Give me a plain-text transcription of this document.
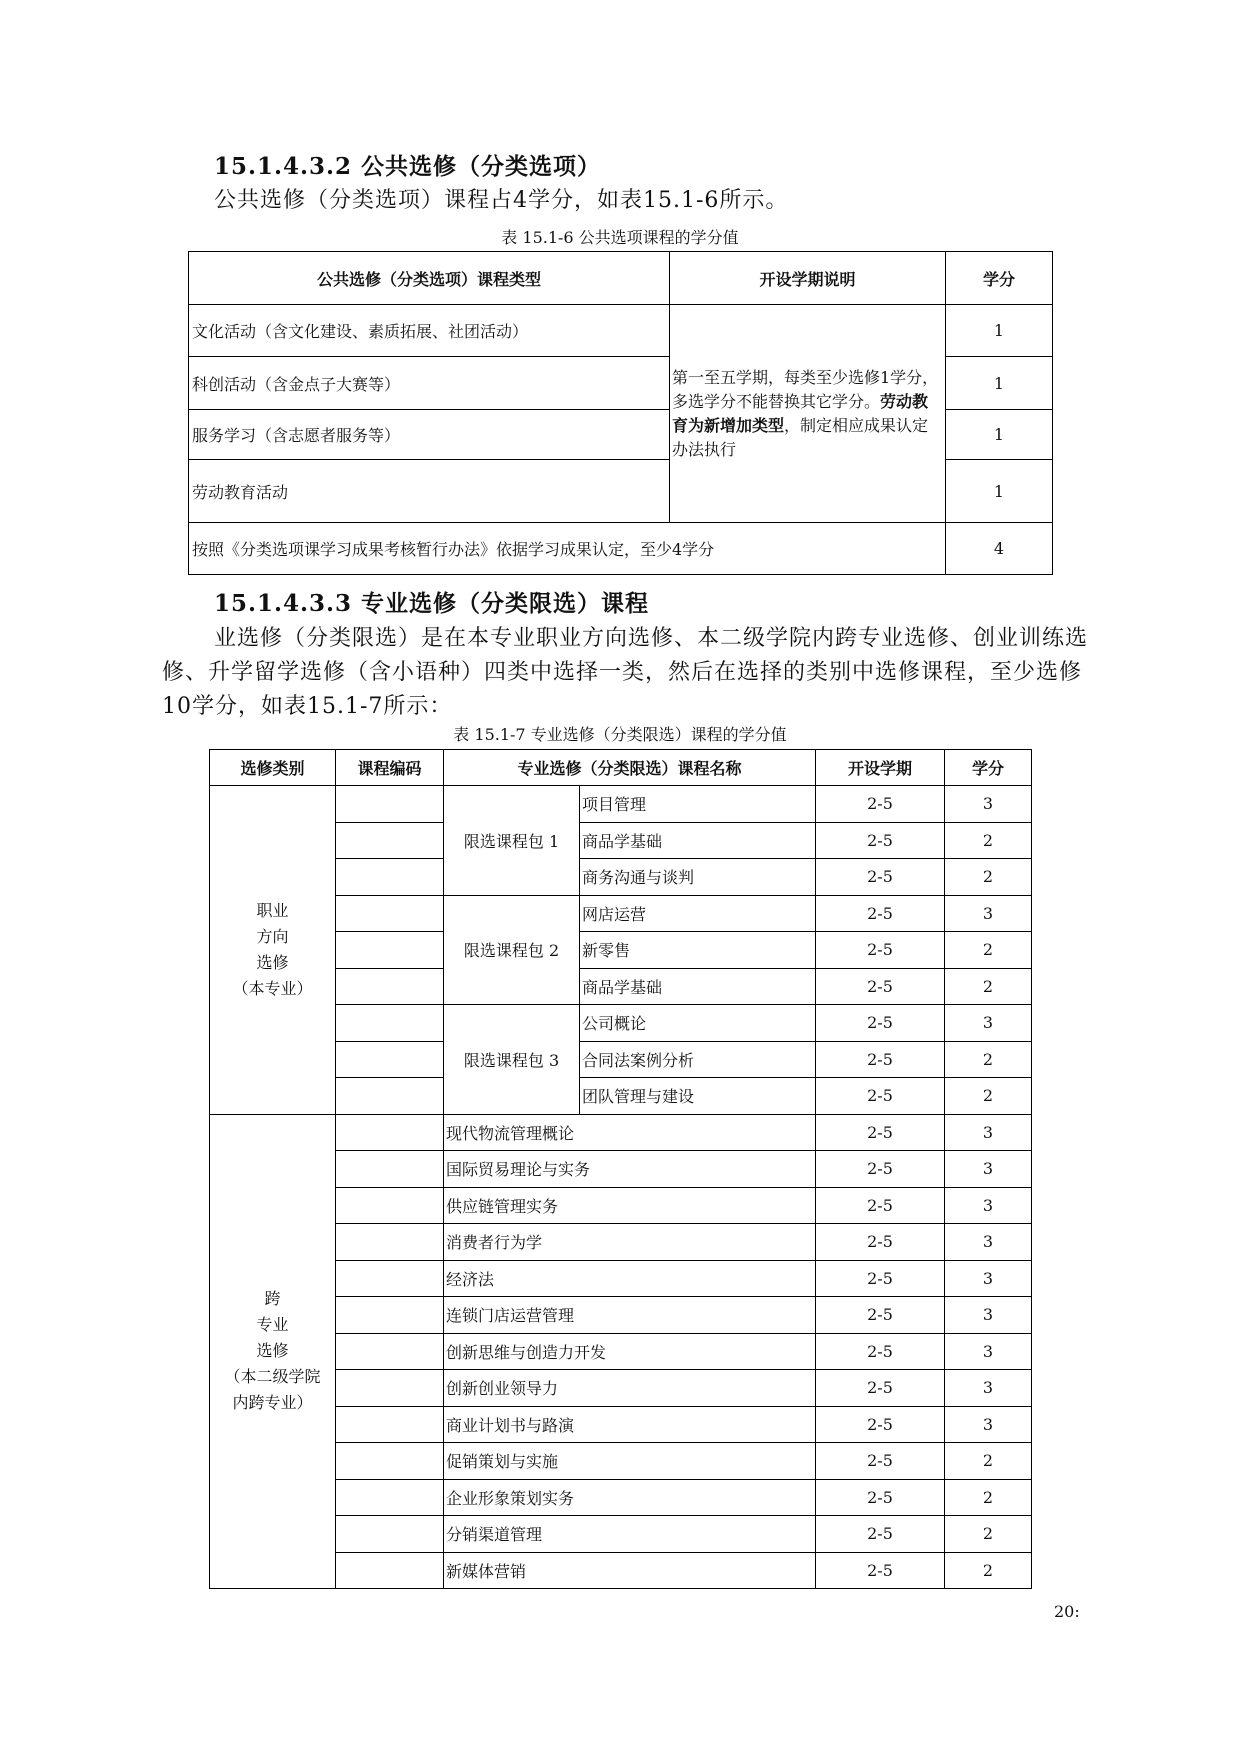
15.1.4.3.2 公共选修（分类选项）
公共选修（分类选项）课程占4学分，如表15.1-6所示。
表 15.1-6 公共选项课程的学分值
公共选修（分类选项）课程类型	开设学期说明	学分
文化活动（含文化建设、素质拓展、社团活动）	第一至五学期，每类至少选修1学分，多选学分不能替换其它学分。劳动教育为新增加类型，制定相应成果认定办法执行	1
科创活动（含金点子大赛等）		1
服务学习（含志愿者服务等）		1
劳动教育活动		1
按照《分类选项课学习成果考核暂行办法》依据学习成果认定，至少4学分		4
15.1.4.3.3 专业选修（分类限选）课程
业选修（分类限选）是在本专业职业方向选修、本二级学院内跨专业选修、创业训练选修、升学留学选修（含小语种）四类中选择一类，然后在选择的类别中选修课程，至少选修10学分，如表15.1-7所示：
表 15.1-7 专业选修（分类限选）课程的学分值
选修类别	课程编码	专业选修（分类限选）课程名称		开设学期	学分

职业
方向
选修
（本专业）		限选课程包 1	项目管理	2-5	3
			商品学基础	2-5	2
			商务沟通与谈判	2-5	2
		限选课程包 2	网店运营	2-5	3
			新零售	2-5	2
			商品学基础	2-5	2
		限选课程包 3	公司概论	2-5	3
			合同法案例分析	2-5	2
			团队管理与建设	2-5	2

跨
专业
选修
（本二级学院
内跨专业）		现代物流管理概论		2-5	3
		国际贸易理论与实务		2-5	3
		供应链管理实务		2-5	3
		消费者行为学		2-5	3
		经济法		2-5	3
		连锁门店运营管理		2-5	3
		创新思维与创造力开发		2-5	3
		创新创业领导力		2-5	3
		商业计划书与路演		2-5	3
		促销策划与实施		2-5	2
		企业形象策划实务		2-5	2
		分销渠道管理		2-5	2
		新媒体营销		2-5	2
20:
